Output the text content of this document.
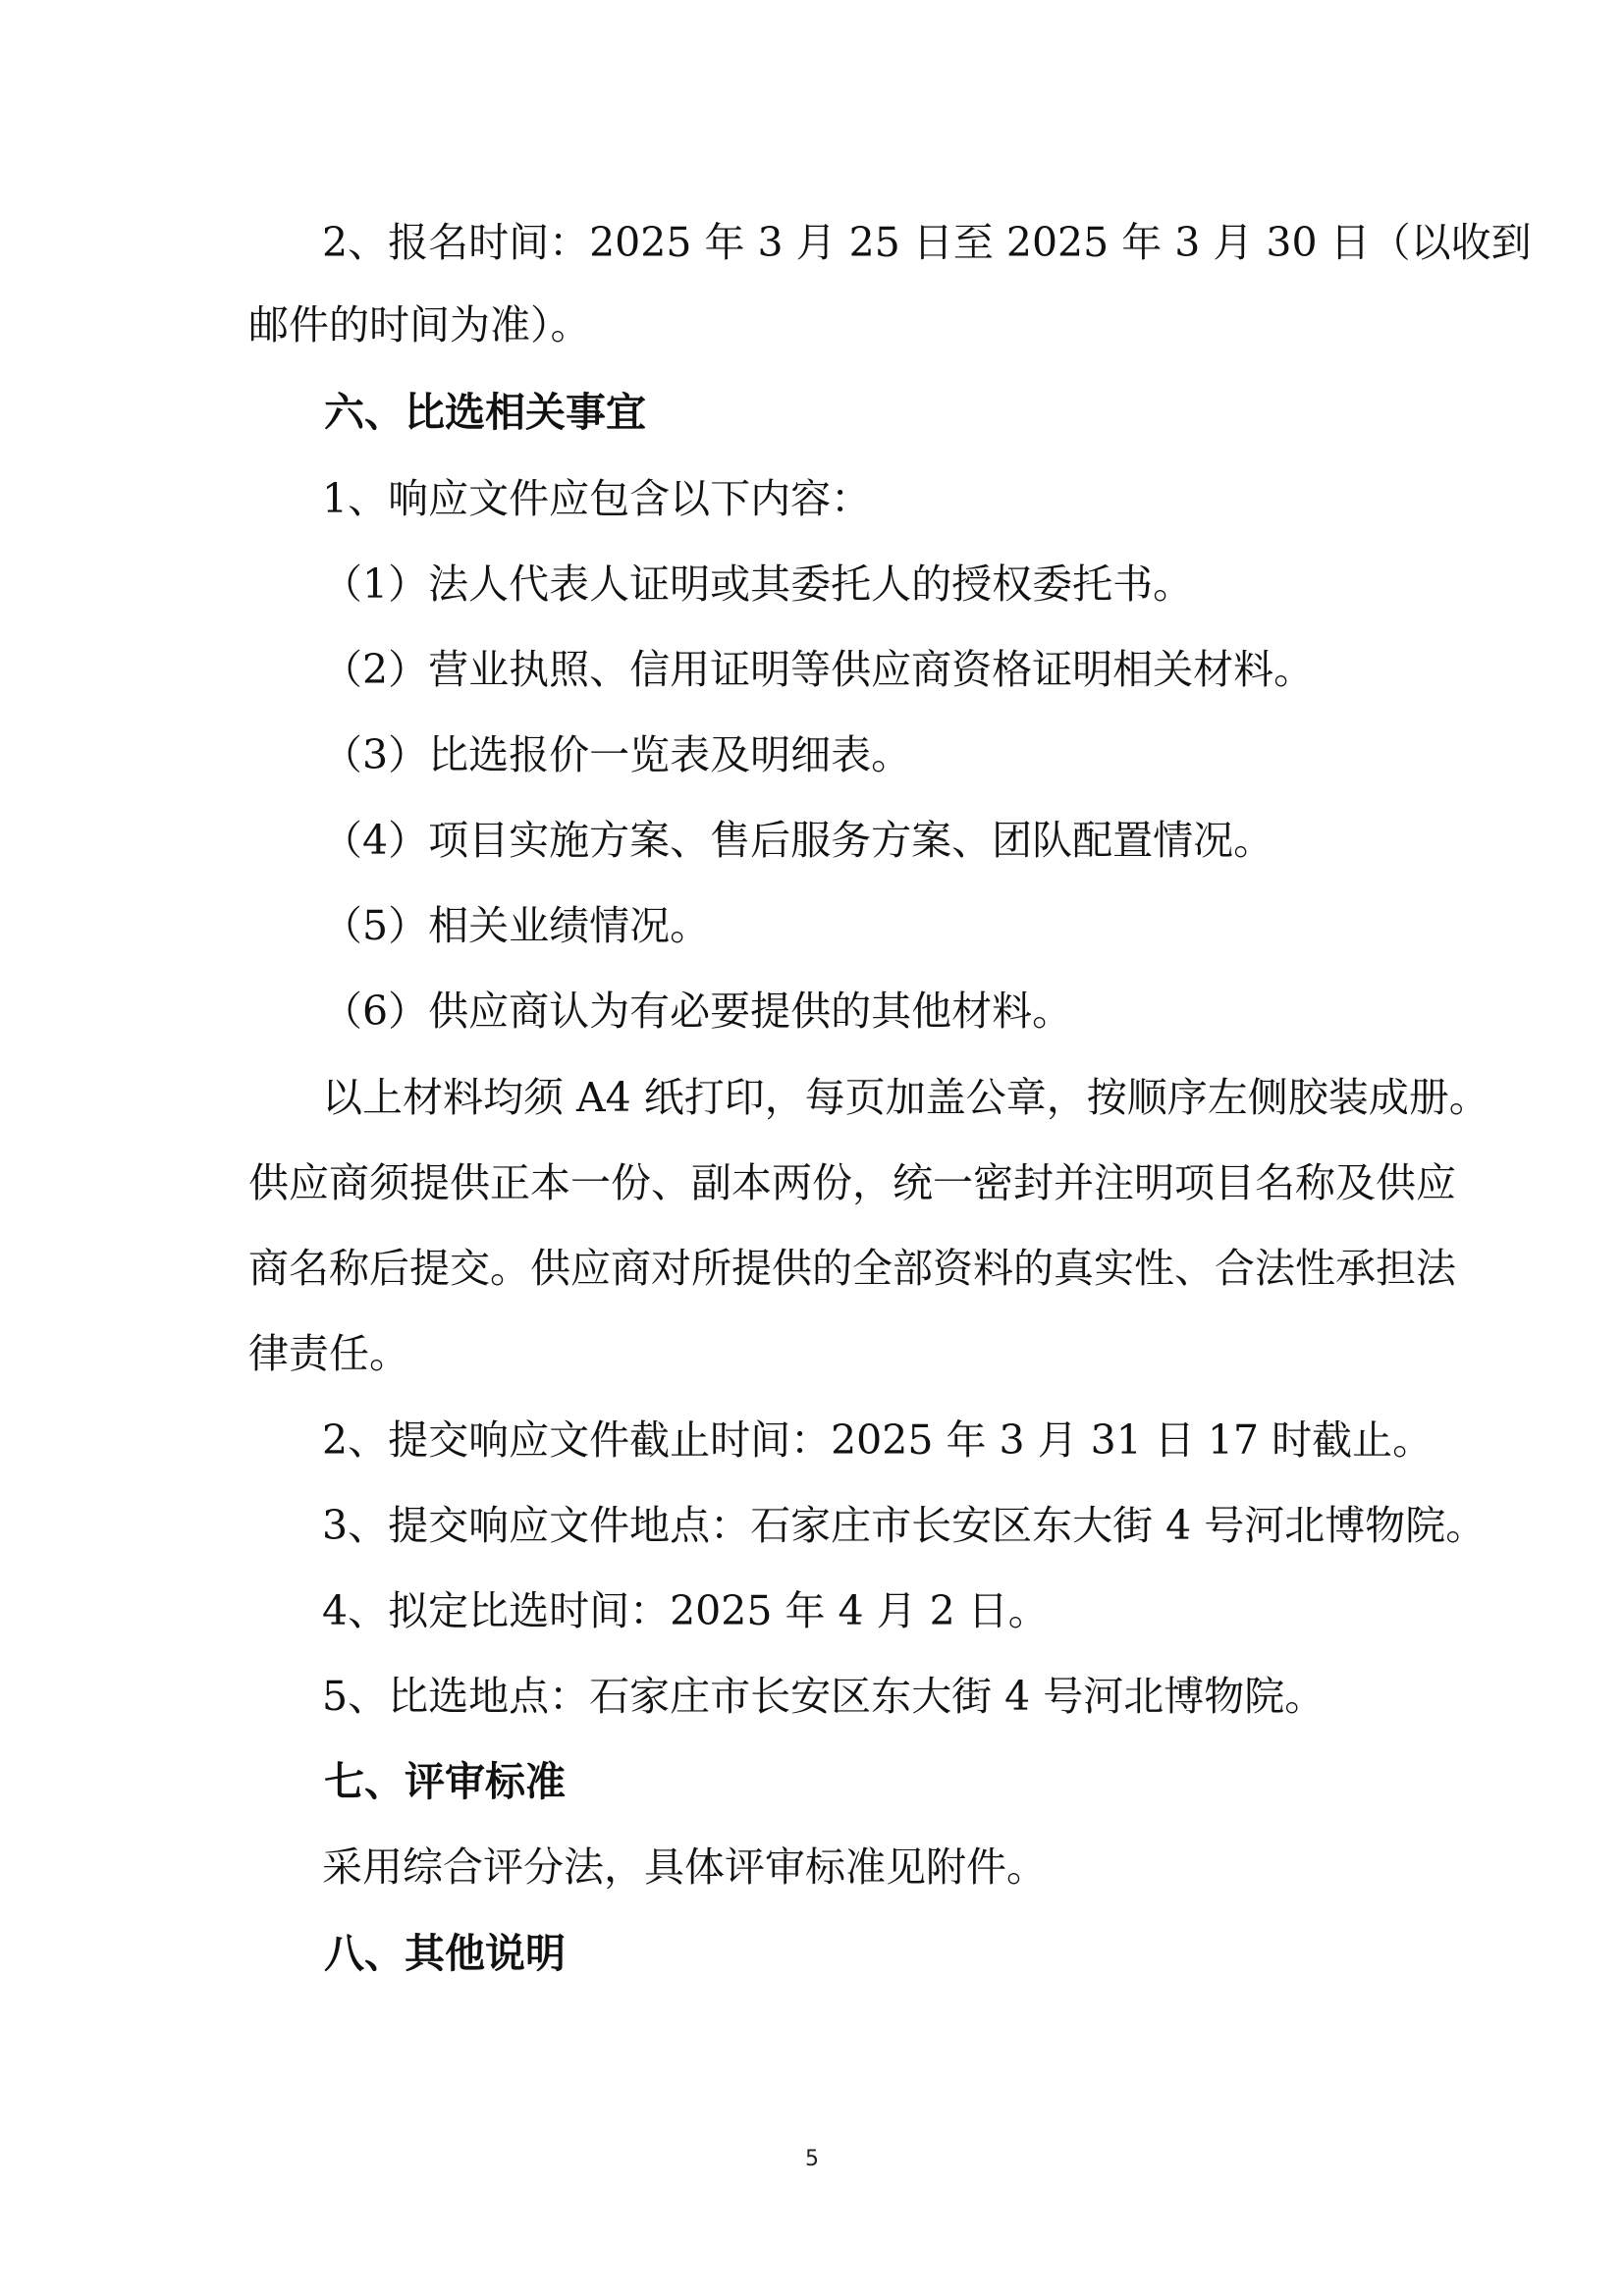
2、报名时间：2025 年 3 月 25 日至 2025 年 3 月 30 日（以收到

邮件的时间为准）。

六、比选相关事宜

1、响应文件应包含以下内容：

（1）法人代表人证明或其委托人的授权委托书。

（2）营业执照、信用证明等供应商资格证明相关材料。

（3）比选报价一览表及明细表。

（4）项目实施方案、售后服务方案、团队配置情况。

（5）相关业绩情况。

（6）供应商认为有必要提供的其他材料。

以上材料均须 A4 纸打印，每页加盖公章，按顺序左侧胶装成册。

供应商须提供正本一份、副本两份，统一密封并注明项目名称及供应

商名称后提交。供应商对所提供的全部资料的真实性、合法性承担法

律责任。

2、提交响应文件截止时间：2025 年 3 月 31 日 17 时截止。

3、提交响应文件地点：石家庄市长安区东大街 4 号河北博物院。

4、拟定比选时间：2025 年 4 月 2 日。

5、比选地点：石家庄市长安区东大街 4 号河北博物院。

七、评审标准

采用综合评分法，具体评审标准见附件。

八、其他说明

5
